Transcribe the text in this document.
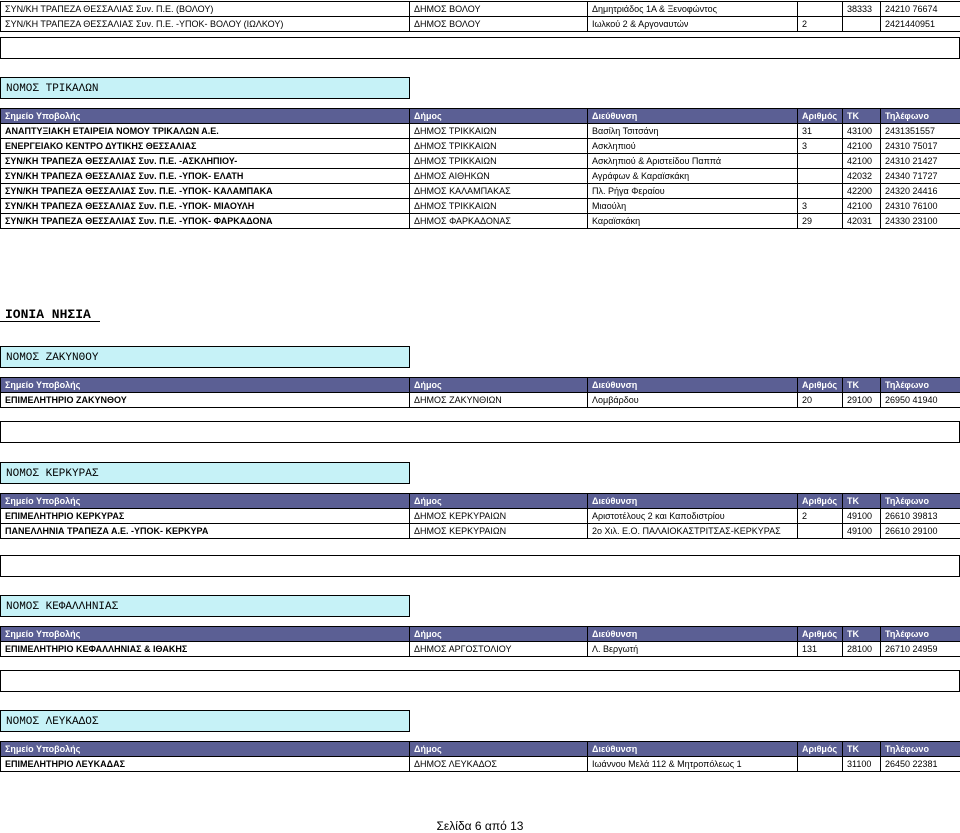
ΣΥΝ/ΚΗ ΤΡΑΠΕΖΑ ΘΕΣΣΑΛΙΑΣ Συν. Π.Ε. (ΒΟΛΟΥ)	ΔΗΜΟΣ ΒΟΛΟΥ	Δημητριάδος 1Α & Ξενοφώντος		38333	24210 76674
ΣΥΝ/ΚΗ ΤΡΑΠΕΖΑ ΘΕΣΣΑΛΙΑΣ Συν. Π.Ε. -ΥΠΟΚ- ΒΟΛΟΥ (ΙΩΛΚΟΥ)	ΔΗΜΟΣ ΒΟΛΟΥ	Ιωλκού 2 & Αργοναυτών	2		2421440951
ΝΟΜΟΣ ΤΡΙΚΑΛΩΝ
Σημείο Υποβολής	Δήμος	Διεύθυνση	Αριθμός	ΤΚ	Τηλέφωνο
ΑΝΑΠΤΥΞΙΑΚΗ ΕΤΑΙΡΕΙΑ ΝΟΜΟΥ ΤΡΙΚΑΛΩΝ Α.Ε.	ΔΗΜΟΣ ΤΡΙΚΚΑΙΩΝ	Βασίλη Τσιτσάνη	31	43100	2431351557
ΕΝΕΡΓΕΙΑΚΟ ΚΕΝΤΡΟ ΔΥΤΙΚΗΣ ΘΕΣΣΑΛΙΑΣ	ΔΗΜΟΣ ΤΡΙΚΚΑΙΩΝ	Ασκληπιού	3	42100	24310 75017
ΣΥΝ/ΚΗ ΤΡΑΠΕΖΑ ΘΕΣΣΑΛΙΑΣ Συν. Π.Ε. -ΑΣΚΛΗΠΙΟΥ-	ΔΗΜΟΣ ΤΡΙΚΚΑΙΩΝ	Ασκληπιού & Αριστείδου Παππά		42100	24310 21427
ΣΥΝ/ΚΗ ΤΡΑΠΕΖΑ ΘΕΣΣΑΛΙΑΣ Συν. Π.Ε. -ΥΠΟΚ- ΕΛΑΤΗ	ΔΗΜΟΣ ΑΙΘΗΚΩΝ	Αγράφων & Καραϊσκάκη		42032	24340 71727
ΣΥΝ/ΚΗ ΤΡΑΠΕΖΑ ΘΕΣΣΑΛΙΑΣ Συν. Π.Ε. -ΥΠΟΚ- ΚΑΛΑΜΠΑΚΑ	ΔΗΜΟΣ ΚΑΛΑΜΠΑΚΑΣ	Πλ. Ρήγα Φεραίου		42200	24320 24416
ΣΥΝ/ΚΗ ΤΡΑΠΕΖΑ ΘΕΣΣΑΛΙΑΣ Συν. Π.Ε. -ΥΠΟΚ- ΜΙΑΟΥΛΗ	ΔΗΜΟΣ ΤΡΙΚΚΑΙΩΝ	Μιαούλη	3	42100	24310 76100
ΣΥΝ/ΚΗ ΤΡΑΠΕΖΑ ΘΕΣΣΑΛΙΑΣ Συν. Π.Ε. -ΥΠΟΚ- ΦΑΡΚΑΔΟΝΑ	ΔΗΜΟΣ ΦΑΡΚΑΔΟΝΑΣ	Καραϊσκάκη	29	42031	24330 23100
ΙΟΝΙΑ ΝΗΣΙΑ
ΝΟΜΟΣ ΖΑΚΥΝΘΟΥ
Σημείο Υποβολής	Δήμος	Διεύθυνση	Αριθμός	ΤΚ	Τηλέφωνο
ΕΠΙΜΕΛΗΤΗΡΙΟ ΖΑΚΥΝΘΟΥ	ΔΗΜΟΣ ΖΑΚΥΝΘΙΩΝ	Λομβάρδου	20	29100	26950 41940
ΝΟΜΟΣ ΚΕΡΚΥΡΑΣ
Σημείο Υποβολής	Δήμος	Διεύθυνση	Αριθμός	ΤΚ	Τηλέφωνο
ΕΠΙΜΕΛΗΤΗΡΙΟ ΚΕΡΚΥΡΑΣ	ΔΗΜΟΣ ΚΕΡΚΥΡΑΙΩΝ	Αριστοτέλους 2 και Καποδιστρίου	2	49100	26610 39813
ΠΑΝΕΛΛΗΝΙΑ ΤΡΑΠΕΖΑ Α.Ε. -ΥΠΟΚ- ΚΕΡΚΥΡΑ	ΔΗΜΟΣ ΚΕΡΚΥΡΑΙΩΝ	2ο Χιλ. Ε.Ο. ΠΑΛΑΙΟΚΑΣΤΡΙΤΣΑΣ-ΚΕΡΚΥΡΑΣ		49100	26610 29100
ΝΟΜΟΣ ΚΕΦΑΛΛΗΝΙΑΣ
Σημείο Υποβολής	Δήμος	Διεύθυνση	Αριθμός	ΤΚ	Τηλέφωνο
ΕΠΙΜΕΛΗΤΗΡΙΟ ΚΕΦΑΛΛΗΝΙΑΣ & ΙΘΑΚΗΣ	ΔΗΜΟΣ ΑΡΓΟΣΤΟΛΙΟΥ	Λ. Βεργωτή	131	28100	26710 24959
ΝΟΜΟΣ ΛΕΥΚΑΔΟΣ
Σημείο Υποβολής	Δήμος	Διεύθυνση	Αριθμός	ΤΚ	Τηλέφωνο
ΕΠΙΜΕΛΗΤΗΡΙΟ ΛΕΥΚΑΔΑΣ	ΔΗΜΟΣ ΛΕΥΚΑΔΟΣ	Ιωάννου Μελά 112 & Μητροπόλεως 1		31100	26450 22381
Σελίδα 6 από 13
